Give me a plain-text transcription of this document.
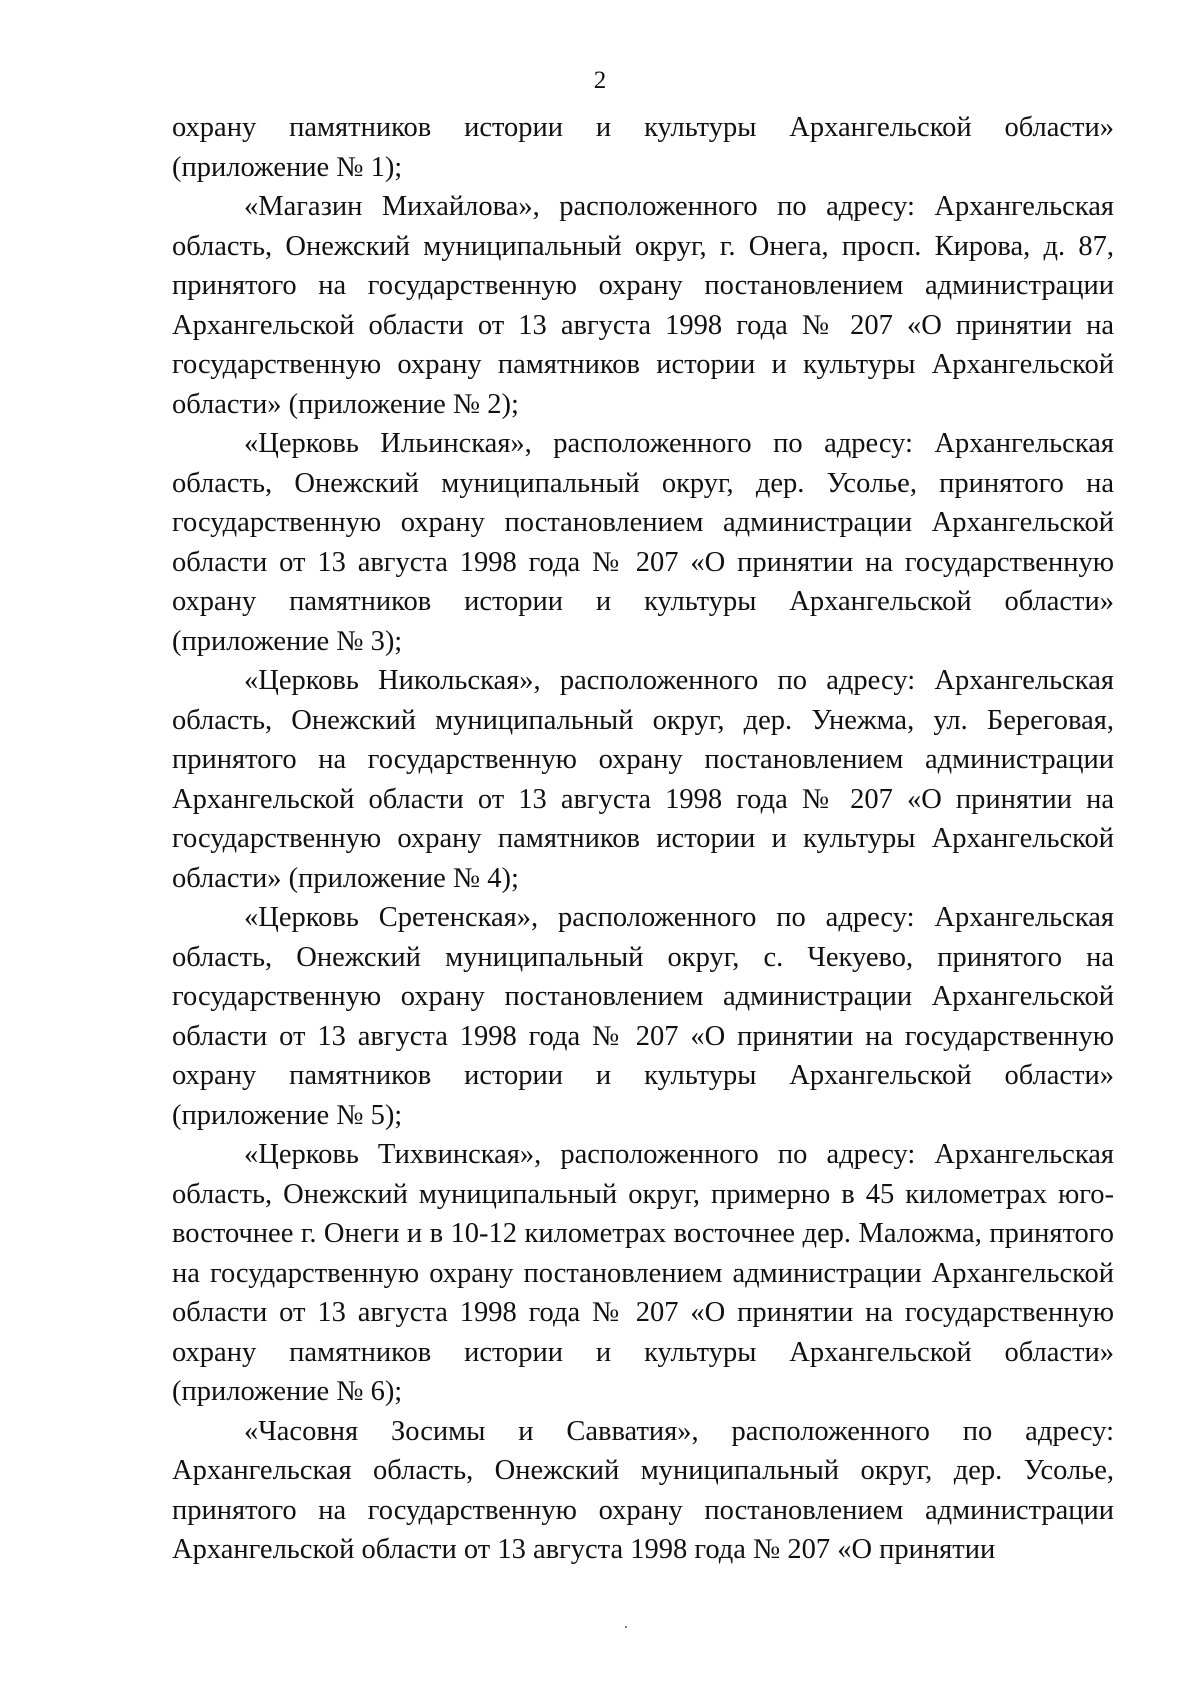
2

охрану памятников истории и культуры Архангельской области» (приложение № 1);

«Магазин Михайлова», расположенного по адресу: Архангельская область, Онежский муниципальный округ, г. Онега, просп. Кирова, д. 87, принятого на государственную охрану постановлением администрации Архангельской области от 13 августа 1998 года № 207 «О принятии на государственную охрану памятников истории и культуры Архангельской области» (приложение № 2);

«Церковь Ильинская», расположенного по адресу: Архангельская область, Онежский муниципальный округ, дер. Усолье, принятого на государственную охрану постановлением администрации Архангельской области от 13 августа 1998 года № 207 «О принятии на государственную охрану памятников истории и культуры Архангельской области» (приложение № 3);

«Церковь Никольская», расположенного по адресу: Архангельская область, Онежский муниципальный округ, дер. Унежма, ул. Береговая, принятого на государственную охрану постановлением администрации Архангельской области от 13 августа 1998 года № 207 «О принятии на государственную охрану памятников истории и культуры Архангельской области» (приложение № 4);

«Церковь Сретенская», расположенного по адресу: Архангельская область, Онежский муниципальный округ, с. Чекуево, принятого на государственную охрану постановлением администрации Архангельской области от 13 августа 1998 года № 207 «О принятии на государственную охрану памятников истории и культуры Архангельской области» (приложение № 5);

«Церковь Тихвинская», расположенного по адресу: Архангельская область, Онежский муниципальный округ, примерно в 45 километрах юго-восточнее г. Онеги и в 10-12 километрах восточнее дер. Маложма, принятого на государственную охрану постановлением администрации Архангельской области от 13 августа 1998 года № 207 «О принятии на государственную охрану памятников истории и культуры Архангельской области» (приложение № 6);

«Часовня Зосимы и Савватия», расположенного по адресу: Архангельская область, Онежский муниципальный округ, дер. Усолье, принятого на государственную охрану постановлением администрации Архангельской области от 13 августа 1998 года № 207 «О принятии
